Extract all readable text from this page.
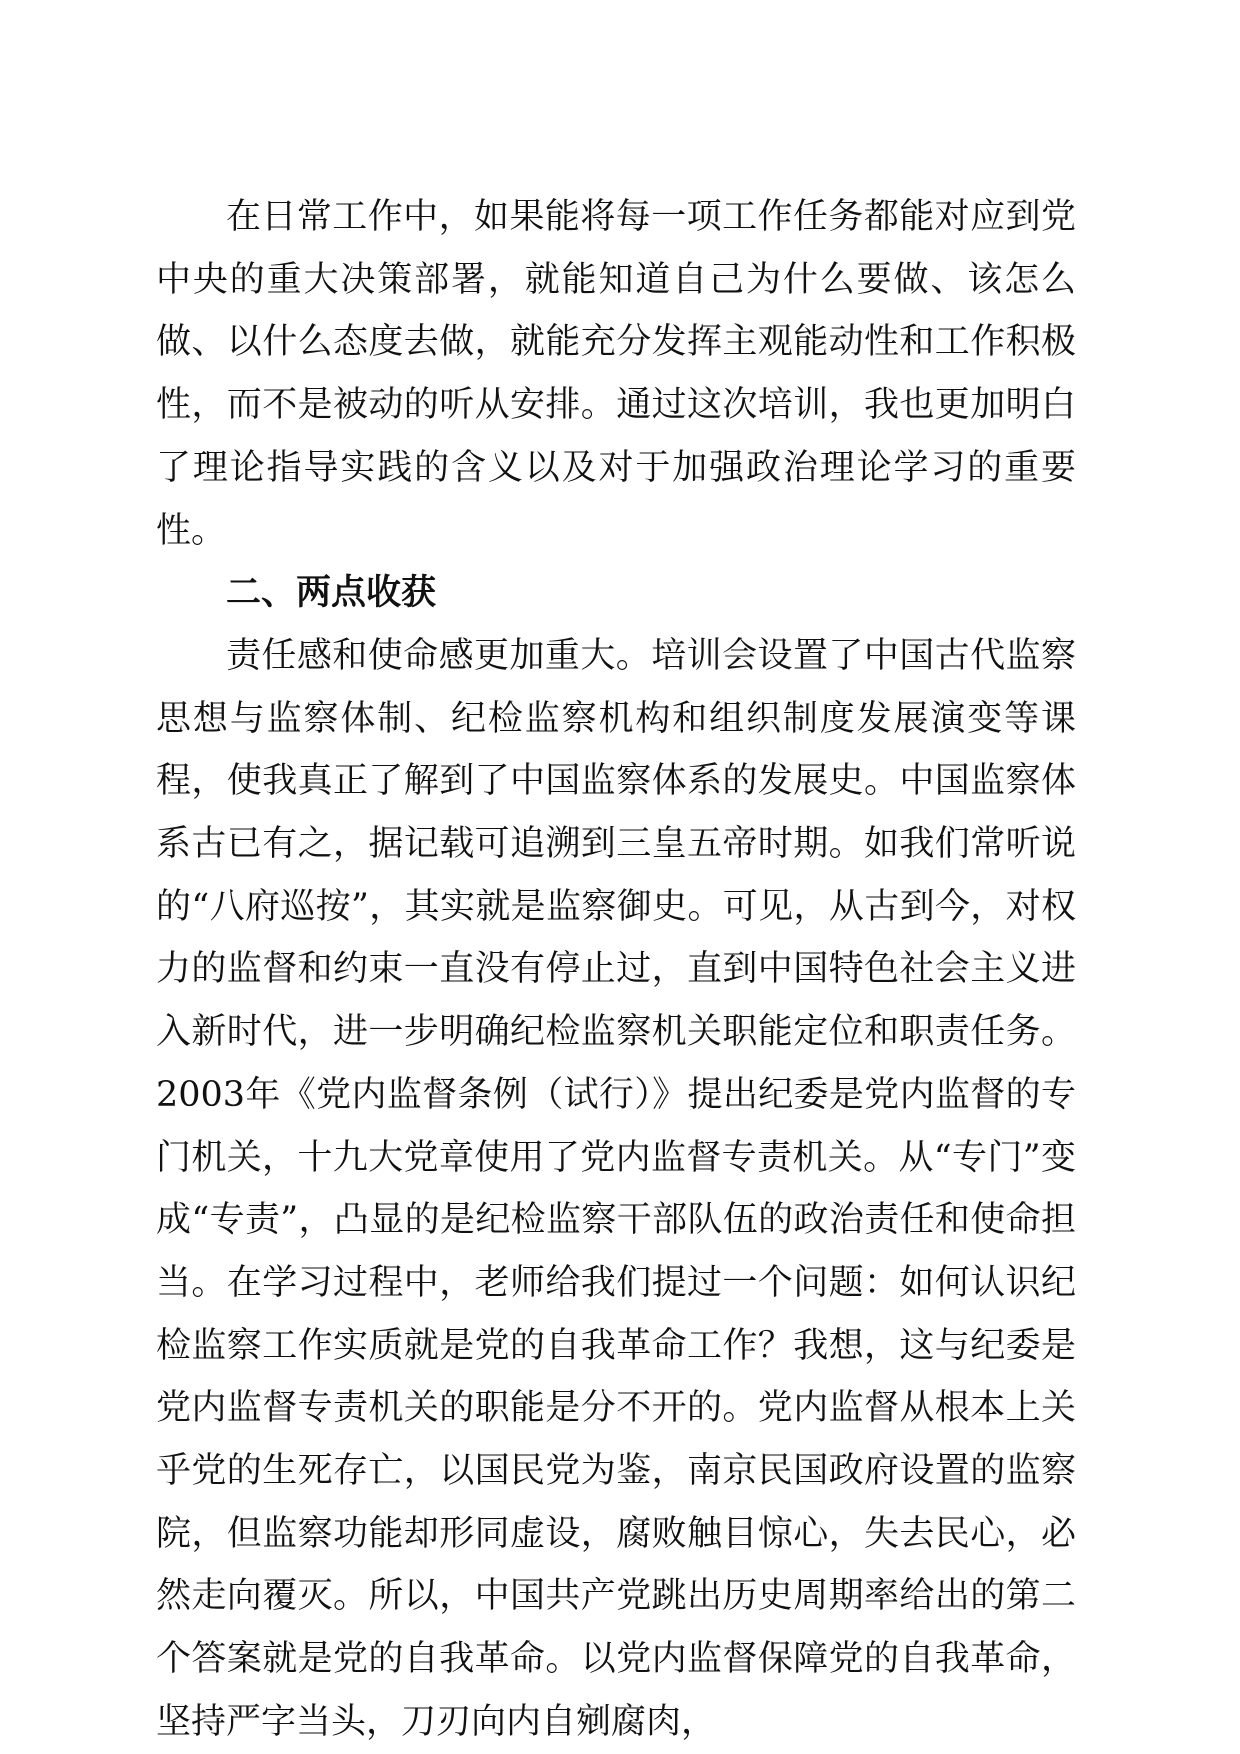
在日常工作中，如果能将每一项工作任务都能对应到党中央的重大决策部署，就能知道自己为什么要做、该怎么做、以什么态度去做，就能充分发挥主观能动性和工作积极性，而不是被动的听从安排。通过这次培训，我也更加明白了理论指导实践的含义以及对于加强政治理论学习的重要性。

二、两点收获

责任感和使命感更加重大。培训会设置了中国古代监察思想与监察体制、纪检监察机构和组织制度发展演变等课程，使我真正了解到了中国监察体系的发展史。中国监察体系古已有之，据记载可追溯到三皇五帝时期。如我们常听说的“八府巡按”，其实就是监察御史。可见，从古到今，对权力的监督和约束一直没有停止过，直到中国特色社会主义进入新时代，进一步明确纪检监察机关职能定位和职责任务。2003年《党内监督条例（试行）》提出纪委是党内监督的专门机关，十九大党章使用了党内监督专责机关。从“专门”变成“专责”，凸显的是纪检监察干部队伍的政治责任和使命担当。在学习过程中，老师给我们提过一个问题：如何认识纪检监察工作实质就是党的自我革命工作？我想，这与纪委是党内监督专责机关的职能是分不开的。党内监督从根本上关乎党的生死存亡，以国民党为鉴，南京民国政府设置的监察院，但监察功能却形同虚设，腐败触目惊心，失去民心，必然走向覆灭。所以，中国共产党跳出历史周期率给出的第二个答案就是党的自我革命。以党内监督保障党的自我革命，坚持严字当头，刀刃向内自剜腐肉，
